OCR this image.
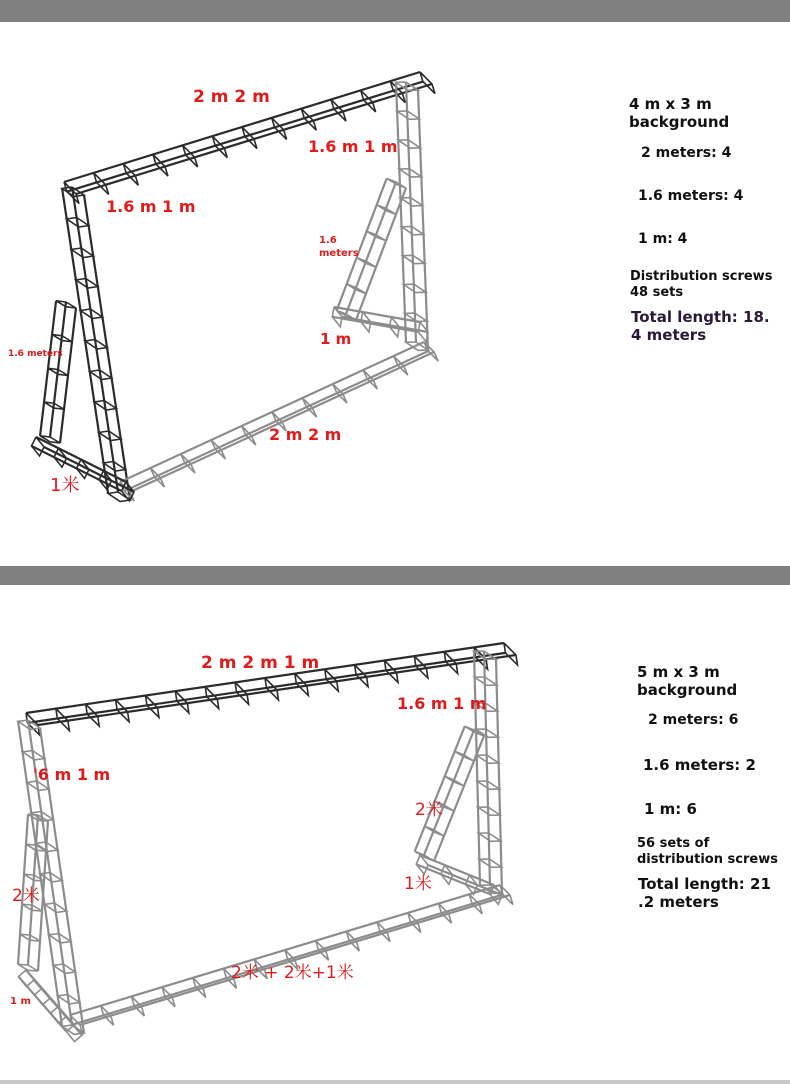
2 m 2 m
1.6 m 1 m
1.6 m 1 m
1.6
meters
1 m
1.6 meters
2 m 2 m
1米
4 m x 3 m
background
2 meters: 4
1.6 meters: 4
1 m: 4
Distribution screws
48 sets
Total length: 18.
4 meters
2 m 2 m 1 m
1.6 m 1 m
'6 m 1 m
2米
1米
2米
1 m
2米 + 2米+1米
5 m x 3 m
background
2 meters: 6
1.6 meters: 2
1 m: 6
56 sets of
distribution screws
Total length: 21
.2 meters
